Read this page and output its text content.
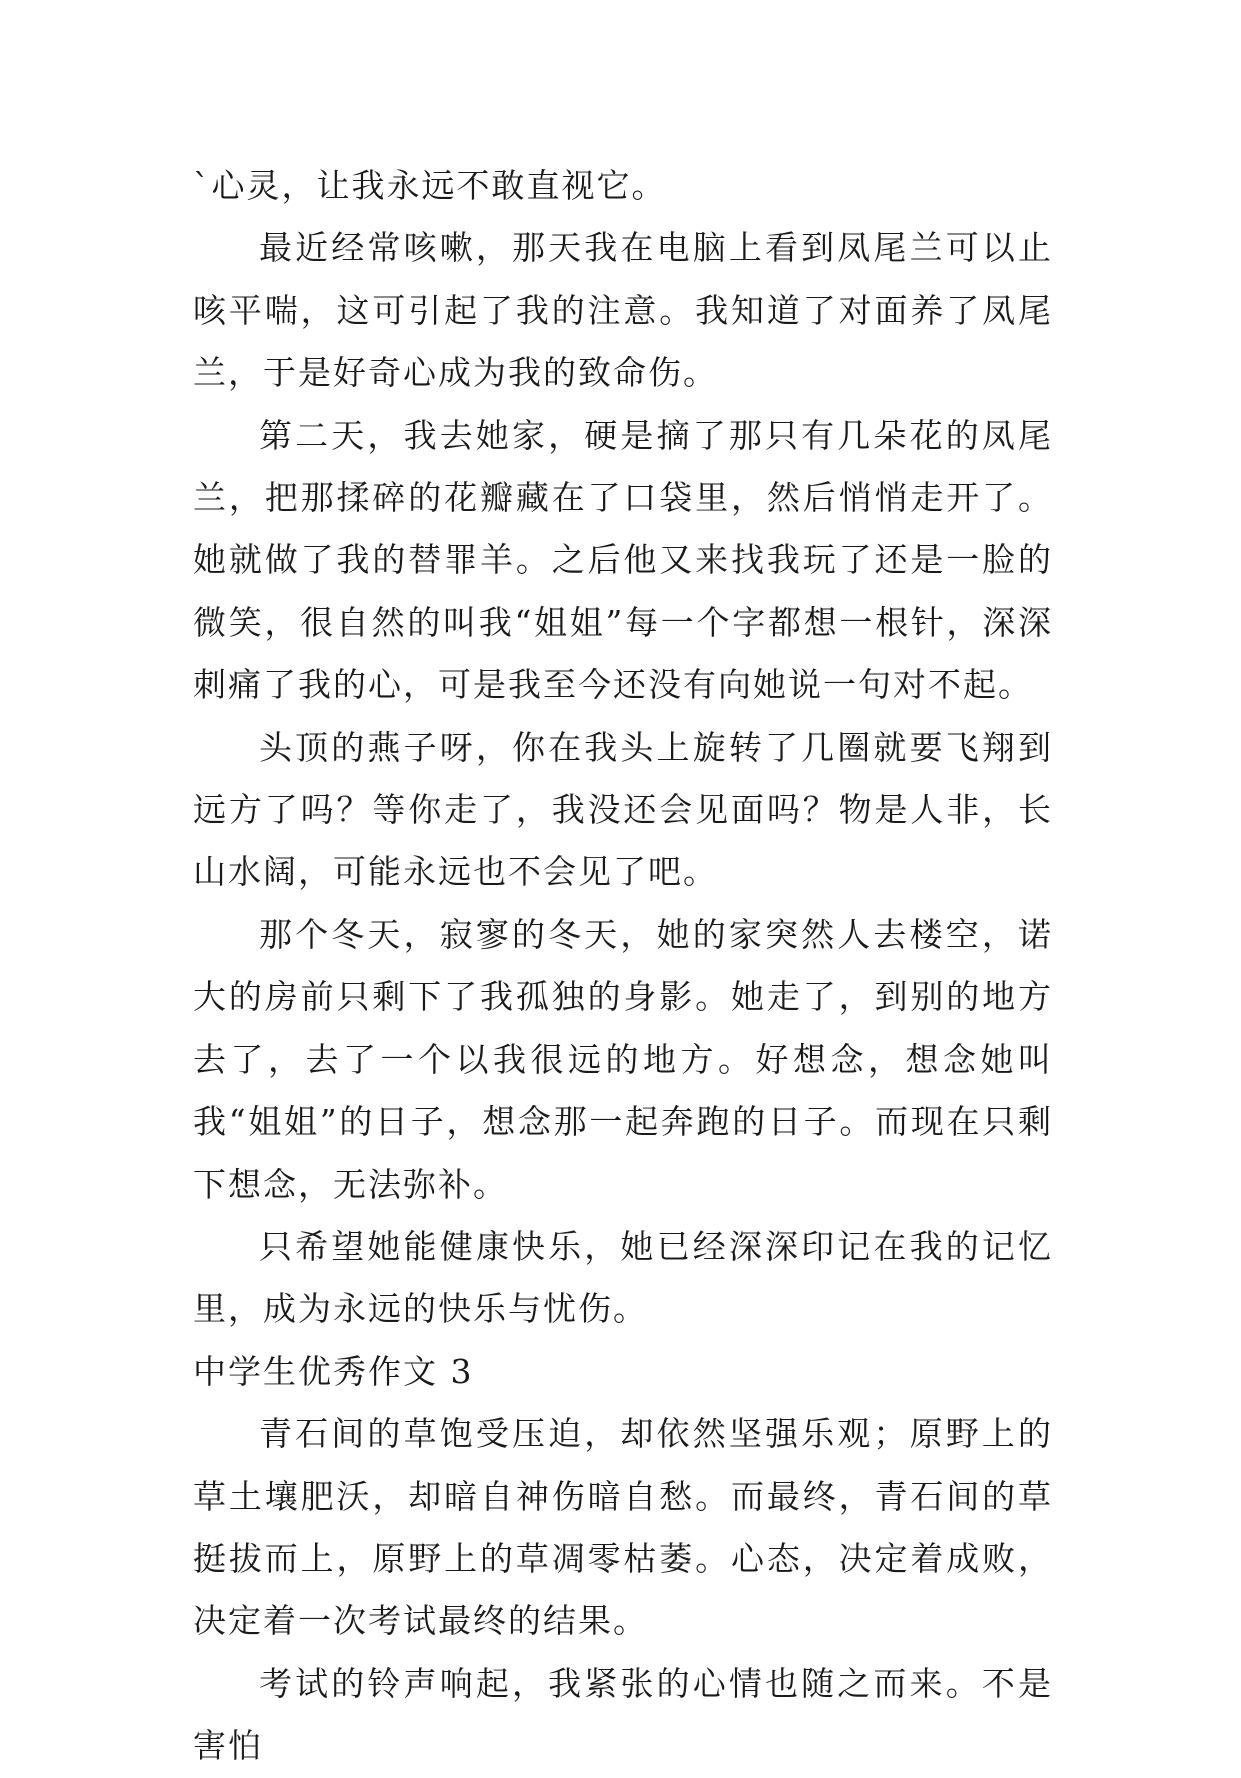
`心灵，让我永远不敢直视它。

最近经常咳嗽，那天我在电脑上看到凤尾兰可以止咳平喘，这可引起了我的注意。我知道了对面养了凤尾兰，于是好奇心成为我的致命伤。

第二天，我去她家，硬是摘了那只有几朵花的凤尾兰，把那揉碎的花瓣藏在了口袋里，然后悄悄走开了。她就做了我的替罪羊。之后他又来找我玩了还是一脸的微笑，很自然的叫我“姐姐”每一个字都想一根针，深深刺痛了我的心，可是我至今还没有向她说一句对不起。

头顶的燕子呀，你在我头上旋转了几圈就要飞翔到远方了吗？等你走了，我没还会见面吗？物是人非，长山水阔，可能永远也不会见了吧。

那个冬天，寂寥的冬天，她的家突然人去楼空，诺大的房前只剩下了我孤独的身影。她走了，到别的地方去了，去了一个以我很远的地方。好想念，想念她叫我“姐姐”的日子，想念那一起奔跑的日子。而现在只剩下想念，无法弥补。

只希望她能健康快乐，她已经深深印记在我的记忆里，成为永远的快乐与忧伤。

中学生优秀作文 3

青石间的草饱受压迫，却依然坚强乐观；原野上的草土壤肥沃，却暗自神伤暗自愁。而最终，青石间的草挺拔而上，原野上的草凋零枯萎。心态，决定着成败，决定着一次考试最终的结果。

考试的铃声响起，我紧张的心情也随之而来。不是害怕
